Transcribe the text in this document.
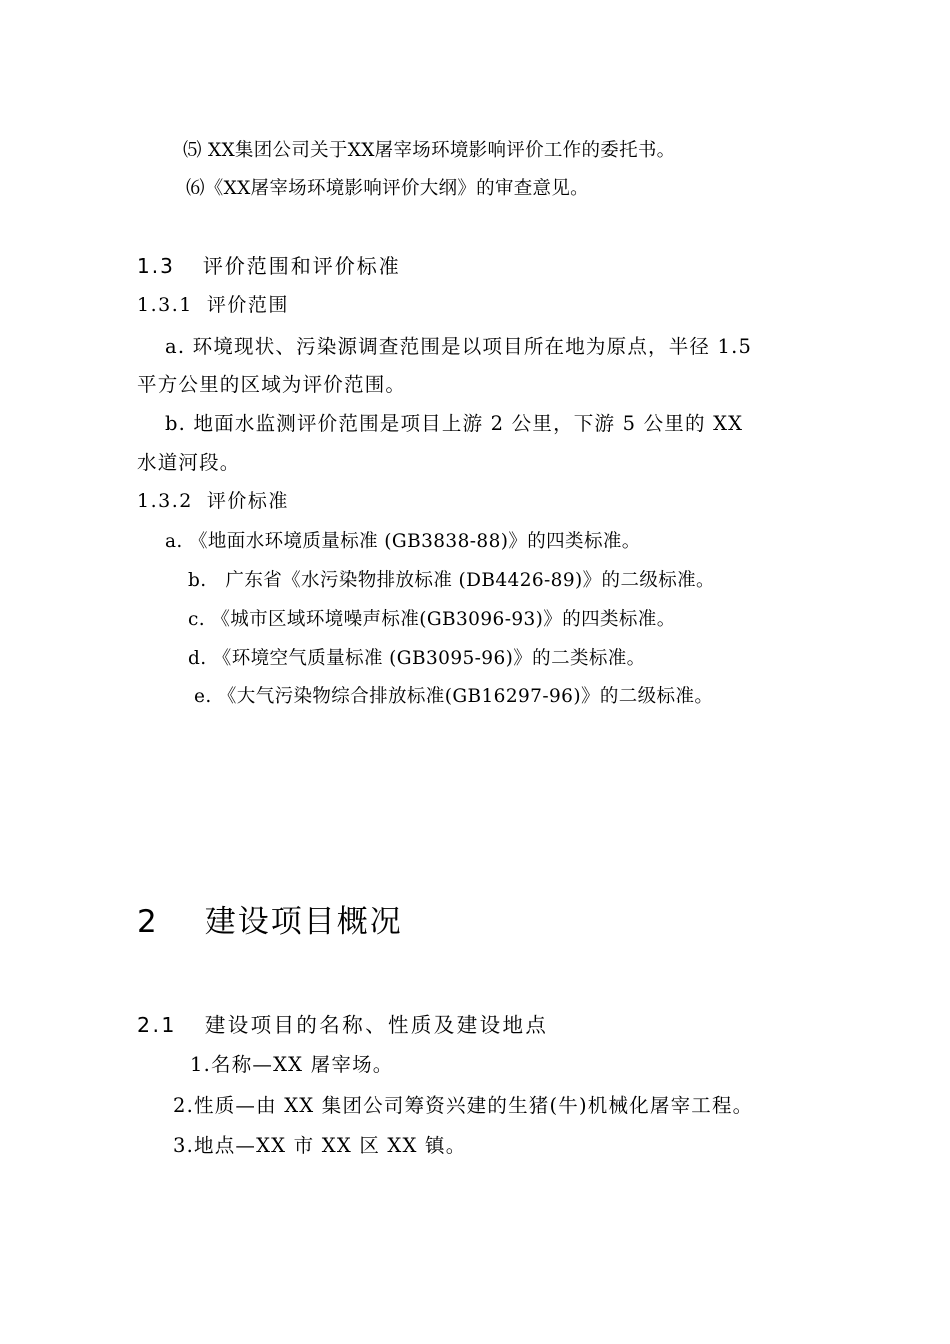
⑸ XX集团公司关于XX屠宰场环境影响评价工作的委托书。
⑹《XX屠宰场环境影响评价大纲》的审查意见。
1.3 评价范围和评价标准
1.3.1 评价范围
a. 环境现状、污染源调查范围是以项目所在地为原点，半径 1.5
平方公里的区域为评价范围。
b. 地面水监测评价范围是项目上游 2 公里，下游 5 公里的 XX
水道河段。
1.3.2 评价标准
a. 《地面水环境质量标准 (GB3838-88)》的四类标准。
b.　广东省《水污染物排放标准 (DB4426-89)》的二级标准。
c. 《城市区域环境噪声标准(GB3096-93)》的四类标准。
d. 《环境空气质量标准 (GB3095-96)》的二类标准。
e. 《大气污染物综合排放标准(GB16297-96)》的二级标准。
2 建设项目概况
2.1 建设项目的名称、性质及建设地点
1.名称—XX 屠宰场。
2.性质—由 XX 集团公司筹资兴建的生猪(牛)机械化屠宰工程。
3.地点—XX 市 XX 区 XX 镇。
